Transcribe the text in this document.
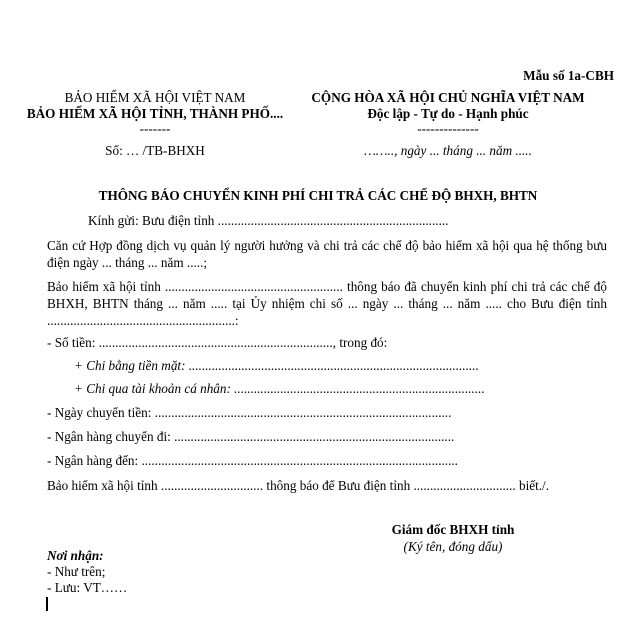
Mẫu số 1a-CBH
BẢO HIỂM XÃ HỘI VIỆT NAM
BẢO HIỂM XÃ HỘI TỈNH, THÀNH PHỐ....
-------
Số: … /TB-BHXH
CỘNG HÒA XÃ HỘI CHỦ NGHĨA VIỆT NAM
Độc lập - Tự do - Hạnh phúc
--------------
…….., ngày ... tháng ... năm .....
THÔNG BÁO CHUYỂN KINH PHÍ CHI TRẢ CÁC CHẾ ĐỘ BHXH, BHTN
Kính gửi: Bưu điện tỉnh ......................................................................
Căn cứ Hợp đồng dịch vụ quản lý người hưởng và chi trả các chế độ bảo hiểm xã hội qua hệ thống bưu điện ngày ... tháng ... năm .....;
Bảo hiểm xã hội tỉnh ...................................................... thông báo đã chuyển kinh phí chi trả các chế độ BHXH, BHTN tháng ... năm ..... tại Ủy nhiệm chi số ... ngày ... tháng ... năm ..... cho Bưu điện tỉnh .........................................................:
- Số tiền: ......................................................................., trong đó:
+ Chi bằng tiền mặt: ........................................................................................
+ Chi qua tài khoản cá nhân: ............................................................................
- Ngày chuyển tiền: ..........................................................................................
- Ngân hàng chuyển đi: .....................................................................................
- Ngân hàng đến: ................................................................................................
Bảo hiểm xã hội tỉnh ............................... thông báo để Bưu điện tỉnh ............................... biết./.
Giám đốc BHXH tỉnh
(Ký tên, đóng dấu)
Nơi nhận:
- Như trên;
- Lưu: VT……
